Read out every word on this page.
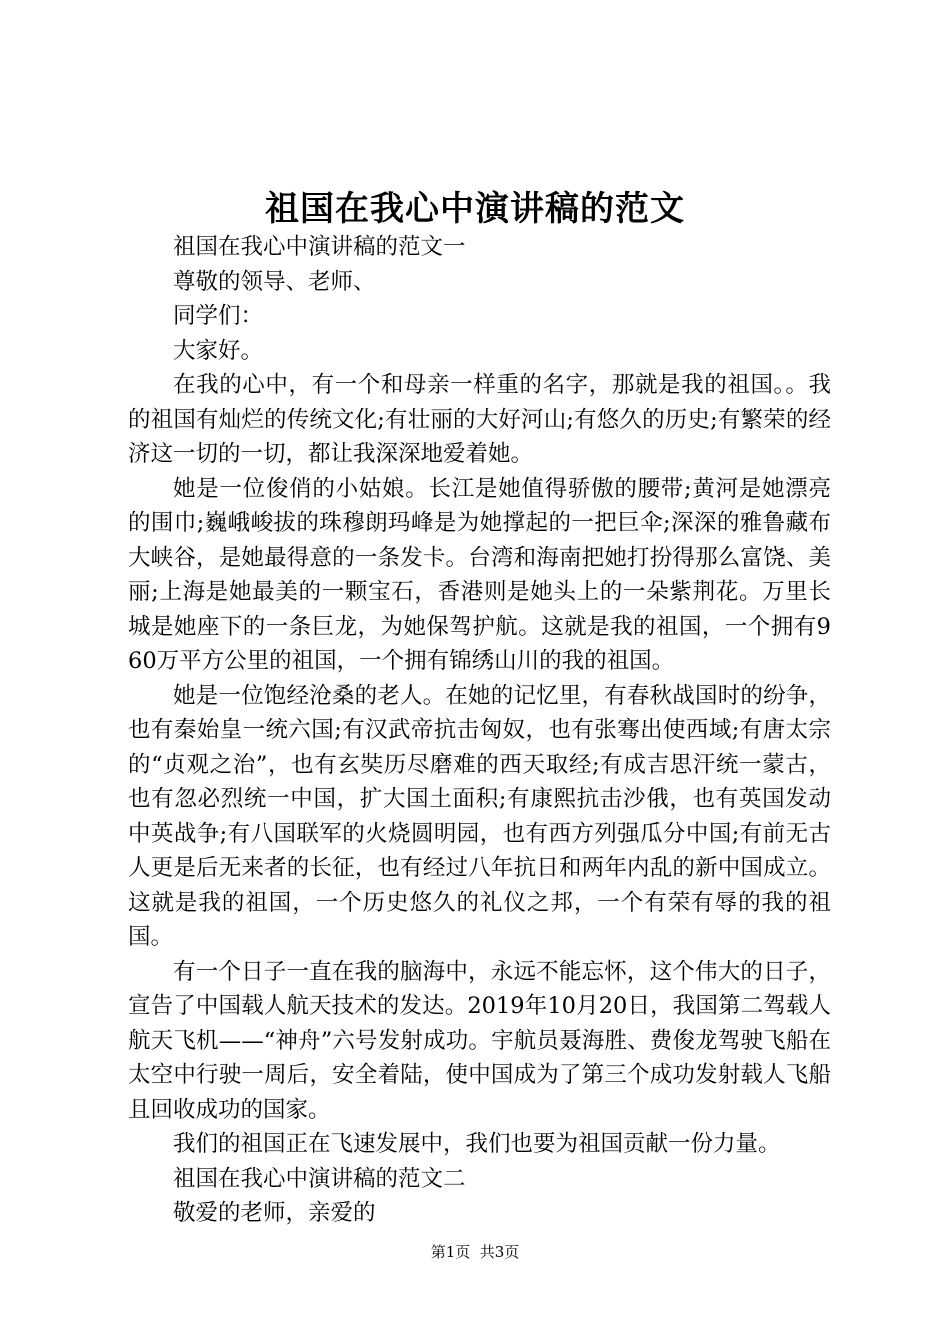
祖国在我心中演讲稿的范文

祖国在我心中演讲稿的范文一

尊敬的领导、老师、

同学们：

大家好。

在我的心中，有一个和母亲一样重的名字，那就是我的祖国。。我的祖国有灿烂的传统文化;有壮丽的大好河山;有悠久的历史;有繁荣的经济这一切的一切，都让我深深地爱着她。

她是一位俊俏的小姑娘。长江是她值得骄傲的腰带;黄河是她漂亮的围巾;巍峨峻拔的珠穆朗玛峰是为她撑起的一把巨伞;深深的雅鲁藏布大峡谷，是她最得意的一条发卡。台湾和海南把她打扮得那么富饶、美丽;上海是她最美的一颗宝石，香港则是她头上的一朵紫荆花。万里长城是她座下的一条巨龙，为她保驾护航。这就是我的祖国，一个拥有960万平方公里的祖国，一个拥有锦绣山川的我的祖国。

她是一位饱经沧桑的老人。在她的记忆里，有春秋战国时的纷争，也有秦始皇一统六国;有汉武帝抗击匈奴，也有张骞出使西域;有唐太宗的“贞观之治”，也有玄奘历尽磨难的西天取经;有成吉思汗统一蒙古，也有忽必烈统一中国，扩大国土面积;有康熙抗击沙俄，也有英国发动中英战争;有八国联军的火烧圆明园，也有西方列强瓜分中国;有前无古人更是后无来者的长征，也有经过八年抗日和两年内乱的新中国成立。这就是我的祖国，一个历史悠久的礼仪之邦，一个有荣有辱的我的祖国。

有一个日子一直在我的脑海中，永远不能忘怀，这个伟大的日子，宣告了中国载人航天技术的发达。2019年10月20日，我国第二驾载人航天飞机——“神舟”六号发射成功。宇航员聂海胜、费俊龙驾驶飞船在太空中行驶一周后，安全着陆，使中国成为了第三个成功发射载人飞船且回收成功的国家。

我们的祖国正在飞速发展中，我们也要为祖国贡献一份力量。

祖国在我心中演讲稿的范文二

敬爱的老师，亲爱的

第1页  共3页
